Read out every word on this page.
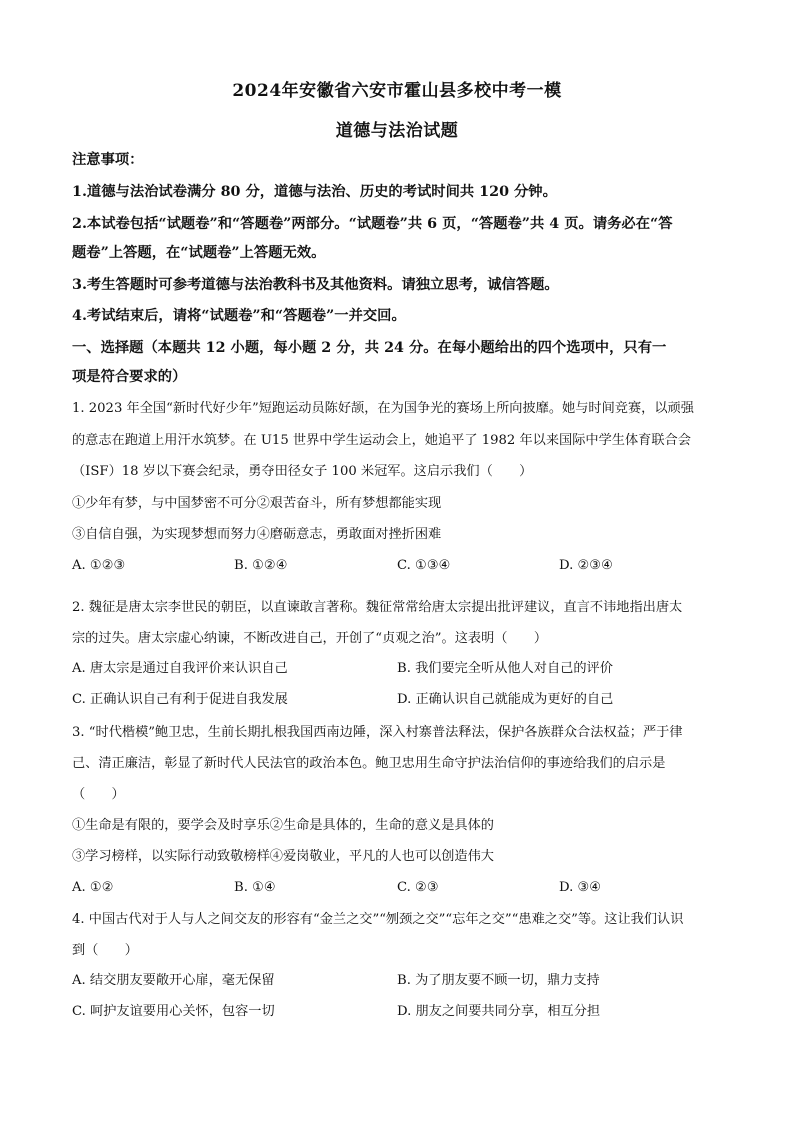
2024年安徽省六安市霍山县多校中考一模
道德与法治试题
注意事项：
1.道德与法治试卷满分 80 分，道德与法治、历史的考试时间共 120 分钟。
2.本试卷包括“试题卷”和“答题卷”两部分。“试题卷”共 6 页，“答题卷”共 4 页。请务必在“答
题卷”上答题，在“试题卷”上答题无效。
3.考生答题时可参考道德与法治教科书及其他资料。请独立思考，诚信答题。
4.考试结束后，请将“试题卷”和“答题卷”一并交回。
一、选择题（本题共 12 小题，每小题 2 分，共 24 分。在每小题给出的四个选项中，只有一
项是符合要求的）
1. 2023 年全国“新时代好少年”短跑运动员陈好颉，在为国争光的赛场上所向披靡。她与时间竞赛，以顽强
的意志在跑道上用汗水筑梦。在 U15 世界中学生运动会上，她追平了 1982 年以来国际中学生体育联合会
（ISF）18 岁以下赛会纪录，勇夺田径女子 100 米冠军。这启示我们（　　）
①少年有梦，与中国梦密不可分②艰苦奋斗，所有梦想都能实现
③自信自强，为实现梦想而努力④磨砺意志，勇敢面对挫折困难
A. ①②③	B. ①②④	C. ①③④	D. ②③④
2. 魏征是唐太宗李世民的朝臣，以直谏敢言著称。魏征常常给唐太宗提出批评建议，直言不讳地指出唐太
宗的过失。唐太宗虚心纳谏，不断改进自己，开创了“贞观之治”。这表明（　　）
A. 唐太宗是通过自我评价来认识自己	B. 我们要完全听从他人对自己的评价
C. 正确认识自己有利于促进自我发展	D. 正确认识自己就能成为更好的自己
3. “时代楷模”鲍卫忠，生前长期扎根我国西南边陲，深入村寨普法释法，保护各族群众合法权益；严于律
己、清正廉洁，彰显了新时代人民法官的政治本色。鲍卫忠用生命守护法治信仰的事迹给我们的启示是
（　　）
①生命是有限的，要学会及时享乐②生命是具体的，生命的意义是具体的
③学习榜样，以实际行动致敬榜样④爱岗敬业，平凡的人也可以创造伟大
A. ①②	B. ①④	C. ②③	D. ③④
4. 中国古代对于人与人之间交友的形容有“金兰之交”“刎颈之交”“忘年之交”“患难之交”等。这让我们认识
到（　　）
A. 结交朋友要敞开心扉，毫无保留	B. 为了朋友要不顾一切，鼎力支持
C. 呵护友谊要用心关怀，包容一切	D. 朋友之间要共同分享，相互分担
